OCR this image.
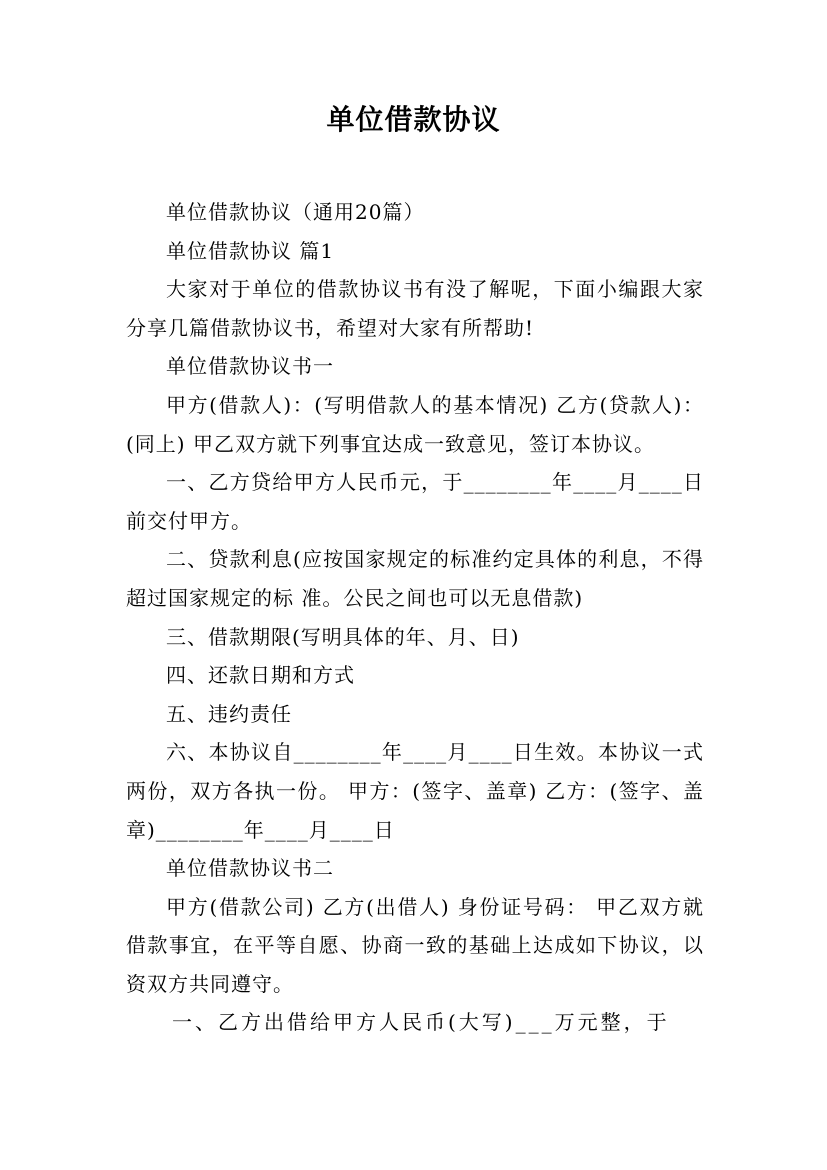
单位借款协议

单位借款协议（通用20篇）

单位借款协议 篇1

大家对于单位的借款协议书有没了解呢，下面小编跟大家分享几篇借款协议书，希望对大家有所帮助!

单位借款协议书一

甲方(借款人)：(写明借款人的基本情况) 乙方(贷款人)：(同上) 甲乙双方就下列事宜达成一致意见，签订本协议。

一、乙方贷给甲方人民币元，于________年____月____日前交付甲方。

二、贷款利息(应按国家规定的标准约定具体的利息，不得超过国家规定的标 准。公民之间也可以无息借款)

三、借款期限(写明具体的年、月、日)

四、还款日期和方式

五、违约责任

六、本协议自________年____月____日生效。本协议一式两份，双方各执一份。 甲方：(签字、盖章) 乙方：(签字、盖章)________年____月____日

单位借款协议书二

甲方(借款公司) 乙方(出借人) 身份证号码： 甲乙双方就借款事宜，在平等自愿、协商一致的基础上达成如下协议，以资双方共同遵守。

一、乙方出借给甲方人民币(大写)___万元整，于
